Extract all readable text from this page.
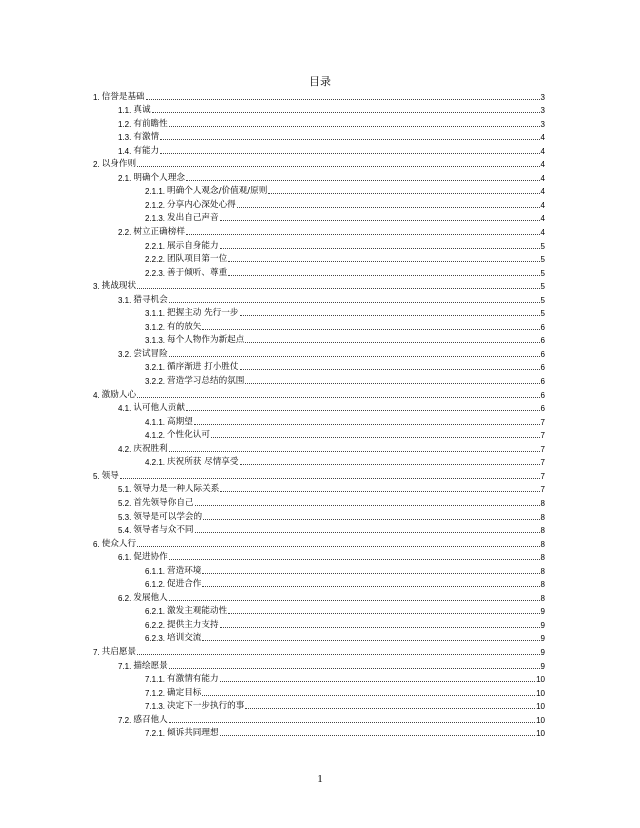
目录
1. 信誉是基础	3
1.1. 真诚	3
1.2. 有前瞻性	3
1.3. 有激情	4
1.4. 有能力	4
2. 以身作则	4
2.1. 明确个人理念	4
2.1.1. 明确个人观念/价值观/原则	4
2.1.2. 分享内心深处心得	4
2.1.3. 发出自己声音	4
2.2. 树立正确榜样	4
2.2.1. 展示自身能力	5
2.2.2. 团队项目第一位	5
2.2.3. 善于倾听、尊重	5
3. 挑战现状	5
3.1. 猎寻机会	5
3.1.1. 把握主动 先行一步	5
3.1.2. 有的放矢	6
3.1.3. 每个人物作为新起点	6
3.2. 尝试冒险	6
3.2.1. 循序渐进 打小胜仗	6
3.2.2. 营造学习总结的氛围	6
4. 激励人心	6
4.1. 认可他人贡献	6
4.1.1. 高期望	7
4.1.2. 个性化认可	7
4.2. 庆祝胜利	7
4.2.1. 庆祝所获 尽情享受	7
5. 领导	7
5.1. 领导力是一种人际关系	7
5.2. 首先领导你自己	8
5.3. 领导是可以学会的	8
5.4. 领导者与众不同	8
6. 使众人行	8
6.1. 促进协作	8
6.1.1. 营造环境	8
6.1.2. 促进合作	8
6.2. 发展他人	8
6.2.1. 激发主观能动性	9
6.2.2. 提供主力支持	9
6.2.3. 培训交流	9
7. 共启愿景	9
7.1. 描绘愿景	9
7.1.1. 有激情有能力	10
7.1.2. 确定目标	10
7.1.3. 决定下一步执行的事	10
7.2. 感召他人	10
7.2.1. 倾诉共同理想	10
1
